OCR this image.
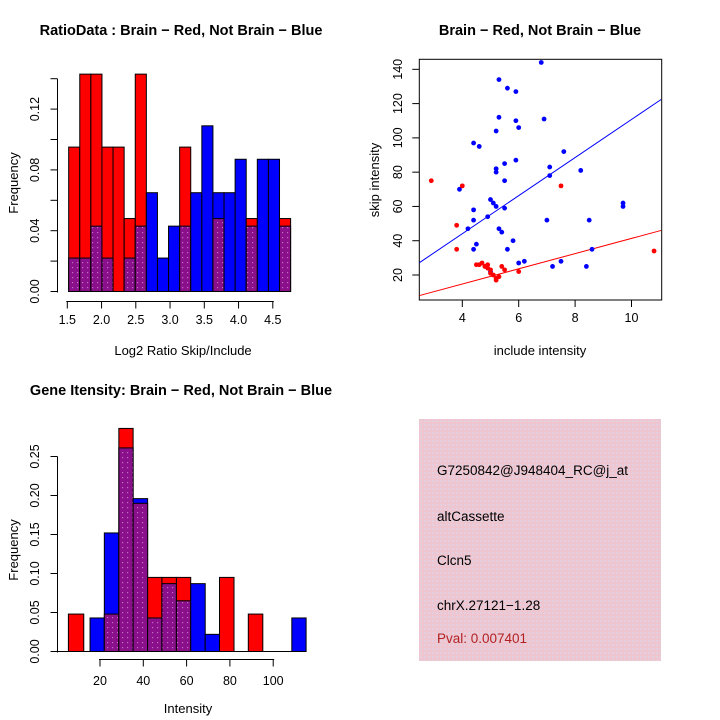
RatioData : Brain − Red, Not Brain − Blue
Log2 Ratio Skip/Include
Frequency
0.00
0.04
0.08
0.12
1.5 2.0 2.5 3.0 3.5 4.0 4.5
Brain − Red, Not Brain − Blue
include intensity
skip intensity
20
40
60
80
100
120
140
4	6	8	10
Gene Itensity: Brain − Red, Not Brain − Blue
Intensity
Frequency
0.00
0.05
0.10
0.15
0.20
0.25
20 40 60 80 100
G7250842@J948404_RC@j_at
altCassette
Clcn5
chrX.27121−1.28
Pval: 0.007401
